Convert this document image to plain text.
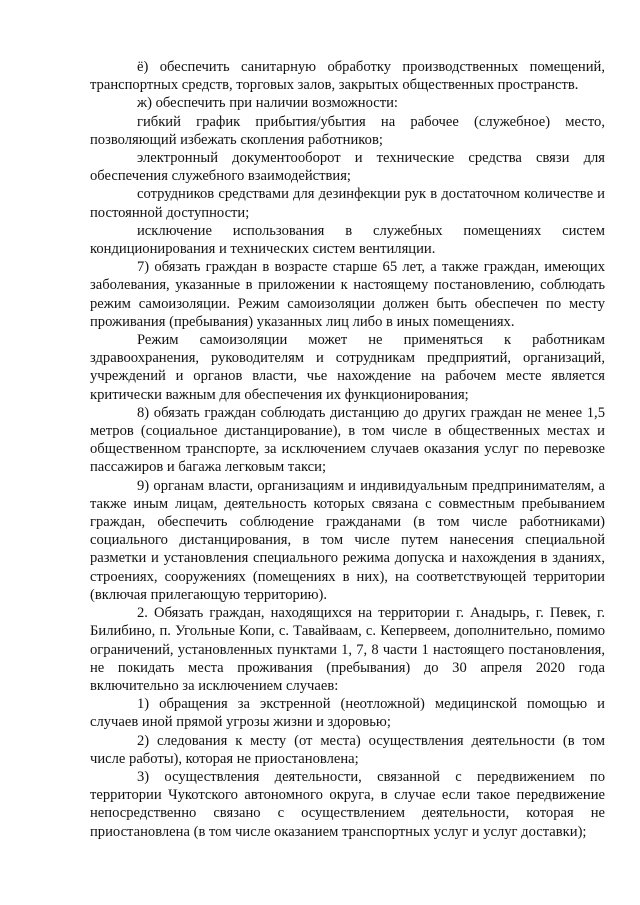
ё) обеспечить санитарную обработку производственных помещений, транспортных средств, торговых залов, закрытых общественных пространств.

ж) обеспечить при наличии возможности:

гибкий график прибытия/убытия на рабочее (служебное) место, позволяющий избежать скопления работников;

электронный документооборот и технические средства связи для обеспечения служебного взаимодействия;

сотрудников средствами для дезинфекции рук в достаточном количестве и постоянной доступности;

исключение использования в служебных помещениях систем кондиционирования и технических систем вентиляции.

7) обязать граждан в возрасте старше 65 лет, а также граждан, имеющих заболевания, указанные в приложении к настоящему постановлению, соблюдать режим самоизоляции. Режим самоизоляции должен быть обеспечен по месту проживания (пребывания) указанных лиц либо в иных помещениях.

Режим самоизоляции может не применяться к работникам здравоохранения, руководителям и сотрудникам предприятий, организаций, учреждений и органов власти, чье нахождение на рабочем месте является критически важным для обеспечения их функционирования;

8) обязать граждан соблюдать дистанцию до других граждан не менее 1,5 метров (социальное дистанцирование), в том числе в общественных местах и общественном транспорте, за исключением случаев оказания услуг по перевозке пассажиров и багажа легковым такси;

9) органам власти, организациям и индивидуальным предпринимателям, а также иным лицам, деятельность которых связана с совместным пребыванием граждан, обеспечить соблюдение гражданами (в том числе работниками) социального дистанцирования, в том числе путем нанесения специальной разметки и установления специального режима допуска и нахождения в зданиях, строениях, сооружениях (помещениях в них), на соответствующей территории (включая прилегающую территорию).

2. Обязать граждан, находящихся на территории г. Анадырь, г. Певек, г. Билибино, п. Угольные Копи, с. Тавайваам, с. Кепервеем, дополнительно, помимо ограничений, установленных пунктами 1, 7, 8 части 1 настоящего постановления, не покидать места проживания (пребывания) до 30 апреля 2020 года включительно за исключением случаев:

1) обращения за экстренной (неотложной) медицинской помощью и случаев иной прямой угрозы жизни и здоровью;

2) следования к месту (от места) осуществления деятельности (в том числе работы), которая не приостановлена;

3) осуществления деятельности, связанной с передвижением по территории Чукотского автономного округа, в случае если такое передвижение непосредственно связано с осуществлением деятельности, которая не приостановлена (в том числе оказанием транспортных услуг и услуг доставки);
